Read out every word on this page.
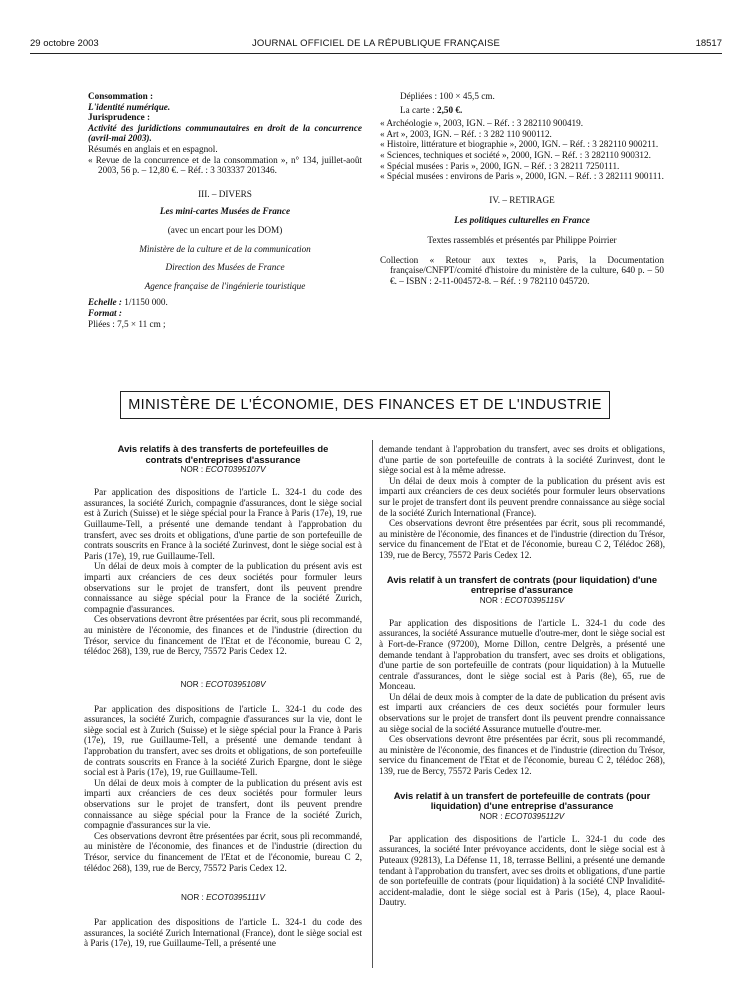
29 octobre 2003	JOURNAL OFFICIEL DE LA RÉPUBLIQUE FRANÇAISE	18517

Consommation :

L'identité numérique.

Jurisprudence :

Activité des juridictions communautaires en droit de la concurrence (avril-mai 2003).

Résumés en anglais et en espagnol.

« Revue de la concurrence et de la consommation », n° 134, juillet-août 2003, 56 p. – 12,80 €. – Réf. : 3 303337 201346.

III. – DIVERS

Les mini-cartes Musées de France

(avec un encart pour les DOM)

Ministère de la culture et de la communication

Direction des Musées de France

Agence française de l'ingénierie touristique

Echelle : 1/1150 000.

Format :

Pliées : 7,5 × 11 cm ;

Dépliées : 100 × 45,5 cm.

La carte : 2,50 €.

« Archéologie », 2003, IGN. – Réf. : 3 282110 900419.

« Art », 2003, IGN. – Réf. : 3 282 110 900112.

« Histoire, littérature et biographie », 2000, IGN. – Réf. : 3 282110 900211.

« Sciences, techniques et société », 2000, IGN. – Réf. : 3 282110 900312.

« Spécial musées : Paris », 2000, IGN. – Réf. : 3 28211 7250111.

« Spécial musées : environs de Paris », 2000, IGN. – Réf. : 3 282111 900111.

IV. – RETIRAGE

Les politiques culturelles en France

Textes rassemblés et présentés par Philippe Poirrier

Collection « Retour aux textes », Paris, la Documentation française/CNFPT/comité d'histoire du ministère de la culture, 640 p. – 50 €. – ISBN : 2-11-004572-8. – Réf. : 9 782110 045720.

MINISTÈRE DE L'ÉCONOMIE, DES FINANCES ET DE L'INDUSTRIE

Avis relatifs à des transferts de portefeuilles de contrats d'entreprises d'assurance

NOR : ECOT0395107V

Par application des dispositions de l'article L. 324-1 du code des assurances, la société Zurich, compagnie d'assurances, dont le siège social est à Zurich (Suisse) et le siège spécial pour la France à Paris (17e), 19, rue Guillaume-Tell, a présenté une demande tendant à l'approbation du transfert, avec ses droits et obligations, d'une partie de son portefeuille de contrats souscrits en France à la société Zurinvest, dont le siège social est à Paris (17e), 19, rue Guillaume-Tell.

Un délai de deux mois à compter de la publication du présent avis est imparti aux créanciers de ces deux sociétés pour formuler leurs observations sur le projet de transfert, dont ils peuvent prendre connaissance au siège spécial pour la France de la société Zurich, compagnie d'assurances.

Ces observations devront être présentées par écrit, sous pli recommandé, au ministère de l'économie, des finances et de l'industrie (direction du Trésor, service du financement de l'Etat et de l'économie, bureau C 2, télédoc 268), 139, rue de Bercy, 75572 Paris Cedex 12.

NOR : ECOT0395108V

Par application des dispositions de l'article L. 324-1 du code des assurances, la société Zurich, compagnie d'assurances sur la vie, dont le siège social est à Zurich (Suisse) et le siège spécial pour la France à Paris (17e), 19, rue Guillaume-Tell, a présenté une demande tendant à l'approbation du transfert, avec ses droits et obligations, de son portefeuille de contrats souscrits en France à la société Zurich Epargne, dont le siège social est à Paris (17e), 19, rue Guillaume-Tell.

Un délai de deux mois à compter de la publication du présent avis est imparti aux créanciers de ces deux sociétés pour formuler leurs observations sur le projet de transfert, dont ils peuvent prendre connaissance au siège spécial pour la France de la société Zurich, compagnie d'assurances sur la vie.

Ces observations devront être présentées par écrit, sous pli recommandé, au ministère de l'économie, des finances et de l'industrie (direction du Trésor, service du financement de l'Etat et de l'économie, bureau C 2, télédoc 268), 139, rue de Bercy, 75572 Paris Cedex 12.

NOR : ECOT0395111V

Par application des dispositions de l'article L. 324-1 du code des assurances, la société Zurich International (France), dont le siège social est à Paris (17e), 19, rue Guillaume-Tell, a présenté une

demande tendant à l'approbation du transfert, avec ses droits et obligations, d'une partie de son portefeuille de contrats à la société Zurinvest, dont le siège social est à la même adresse.

Un délai de deux mois à compter de la publication du présent avis est imparti aux créanciers de ces deux sociétés pour formuler leurs observations sur le projet de transfert dont ils peuvent prendre connaissance au siège social de la société Zurich International (France).

Ces observations devront être présentées par écrit, sous pli recommandé, au ministère de l'économie, des finances et de l'industrie (direction du Trésor, service du financement de l'Etat et de l'économie, bureau C 2, Télédoc 268), 139, rue de Bercy, 75572 Paris Cedex 12.

Avis relatif à un transfert de contrats (pour liquidation) d'une entreprise d'assurance

NOR : ECOT0395115V

Par application des dispositions de l'article L. 324-1 du code des assurances, la société Assurance mutuelle d'outre-mer, dont le siège social est à Fort-de-France (97200), Morne Dillon, centre Delgrès, a présenté une demande tendant à l'approbation du transfert, avec ses droits et obligations, d'une partie de son portefeuille de contrats (pour liquidation) à la Mutuelle centrale d'assurances, dont le siège social est à Paris (8e), 65, rue de Monceau.

Un délai de deux mois à compter de la date de publication du présent avis est imparti aux créanciers de ces deux sociétés pour formuler leurs observations sur le projet de transfert dont ils peuvent prendre connaissance au siège social de la société Assurance mutuelle d'outre-mer.

Ces observations devront être présentées par écrit, sous pli recommandé, au ministère de l'économie, des finances et de l'industrie (direction du Trésor, service du financement de l'Etat et de l'économie, bureau C 2, télédoc 268), 139, rue de Bercy, 75572 Paris Cedex 12.

Avis relatif à un transfert de portefeuille de contrats (pour liquidation) d'une entreprise d'assurance

NOR : ECOT0395112V

Par application des dispositions de l'article L. 324-1 du code des assurances, la société Inter prévoyance accidents, dont le siège social est à Puteaux (92813), La Défense 11, 18, terrasse Bellini, a présenté une demande tendant à l'approbation du transfert, avec ses droits et obligations, d'une partie de son portefeuille de contrats (pour liquidation) à la société CNP Invalidité-accident-maladie, dont le siège social est à Paris (15e), 4, place Raoul-Dautry.
